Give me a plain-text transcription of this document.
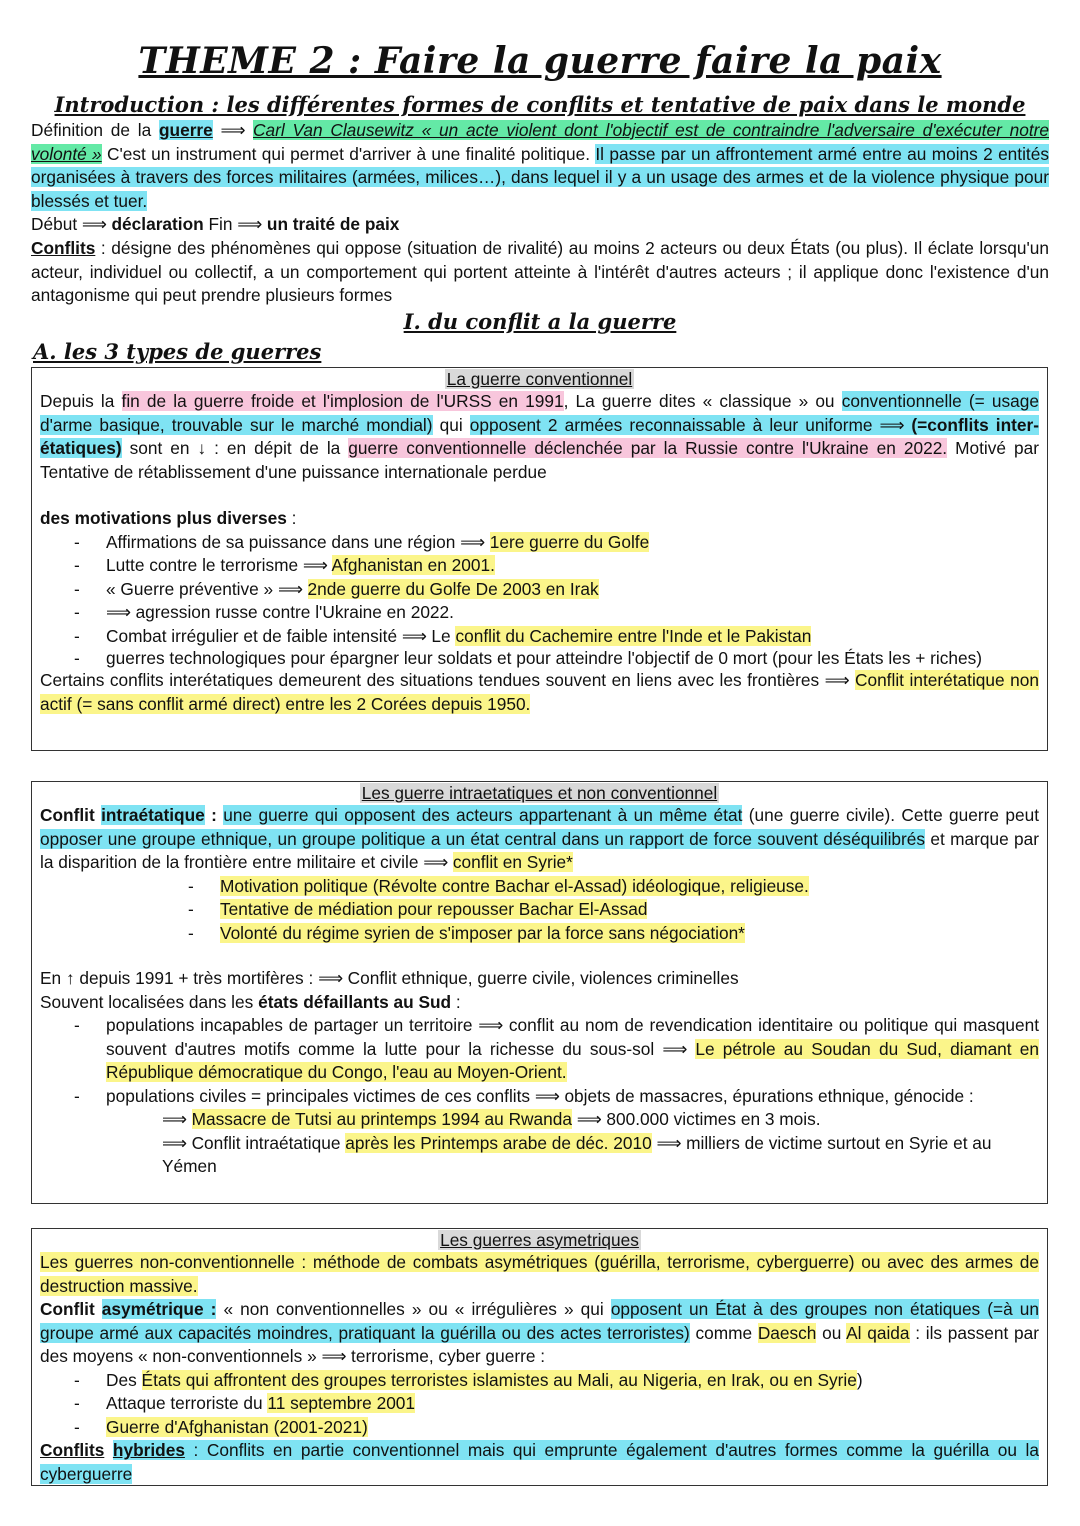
THEME 2 : Faire la guerre faire la paix
Introduction : les différentes formes de conflits et tentative de paix dans le monde
Définition de la guerre ⟹ Carl Van Clausewitz « un acte violent dont l'objectif est de contraindre l'adversaire d'exécuter notre volonté » C'est un instrument qui permet d'arriver à une finalité politique. Il passe par un affrontement armé entre au moins 2 entités organisées à travers des forces militaires (armées, milices…), dans lequel il y a un usage des armes et de la violence physique pour blessés et tuer.
Début ⟹ déclaration Fin ⟹ un traité de paix
Conflits : désigne des phénomènes qui oppose (situation de rivalité) au moins 2 acteurs ou deux États (ou plus). Il éclate lorsqu'un acteur, individuel ou collectif, a un comportement qui portent atteinte à l'intérêt d'autres acteurs ; il applique donc l'existence d'un antagonisme qui peut prendre plusieurs formes
I. du conflit a la guerre
A. les 3 types de guerres
La guerre conventionnel
Depuis la fin de la guerre froide et l'implosion de l'URSS en 1991, La guerre dites « classique » ou conventionnelle (= usage d'arme basique, trouvable sur le marché mondial) qui opposent 2 armées reconnaissable à leur uniforme ⟹ (=conflits inter-étatiques) sont en ↓ : en dépit de la guerre conventionnelle déclenchée par la Russie contre l'Ukraine en 2022. Motivé par Tentative de rétablissement d'une puissance internationale perdue
des motivations plus diverses :
- Affirmations de sa puissance dans une région ⟹ 1ere guerre du Golfe
- Lutte contre le terrorisme ⟹ Afghanistan en 2001.
- « Guerre préventive » ⟹ 2nde guerre du Golfe De 2003 en Irak
- ⟹ agression russe contre l'Ukraine en 2022.
- Combat irrégulier et de faible intensité ⟹ Le conflit du Cachemire entre l'Inde et le Pakistan
- guerres technologiques pour épargner leur soldats et pour atteindre l'objectif de 0 mort (pour les États les + riches)
Certains conflits interétatiques demeurent des situations tendues souvent en liens avec les frontières ⟹ Conflit interétatique non actif (= sans conflit armé direct) entre les 2 Corées depuis 1950.
Les guerre intraetatiques et non conventionnel
Conflit intraétatique : une guerre qui opposent des acteurs appartenant à un même état (une guerre civile). Cette guerre peut opposer une groupe ethnique, un groupe politique a un état central dans un rapport de force souvent déséquilibrés et marque par la disparition de la frontière entre militaire et civile ⟹ conflit en Syrie*
- Motivation politique (Révolte contre Bachar el-Assad) idéologique, religieuse.
- Tentative de médiation pour repousser Bachar El-Assad
- Volonté du régime syrien de s'imposer par la force sans négociation*
En ↑ depuis 1991 + très mortifères : ⟹ Conflit ethnique, guerre civile, violences criminelles
Souvent localisées dans les états défaillants au Sud :
- populations incapables de partager un territoire ⟹ conflit au nom de revendication identitaire ou politique qui masquent souvent d'autres motifs comme la lutte pour la richesse du sous-sol ⟹ Le pétrole au Soudan du Sud, diamant en République démocratique du Congo, l'eau au Moyen-Orient.
- populations civiles = principales victimes de ces conflits ⟹ objets de massacres, épurations ethnique, génocide :
⟹ Massacre de Tutsi au printemps 1994 au Rwanda ⟹ 800.000 victimes en 3 mois.
⟹ Conflit intraétatique après les Printemps arabe de déc. 2010 ⟹ milliers de victime surtout en Syrie et au Yémen
Les guerres asymetriques
Les guerres non-conventionnelle : méthode de combats asymétriques (guérilla, terrorisme, cyberguerre) ou avec des armes de destruction massive.
Conflit asymétrique : « non conventionnelles » ou « irrégulières » qui opposent un État à des groupes non étatiques (=à un groupe armé aux capacités moindres, pratiquant la guérilla ou des actes terroristes) comme Daesch ou Al qaida : ils passent par des moyens « non-conventionnels » ⟹ terrorisme, cyber guerre :
- Des États qui affrontent des groupes terroristes islamistes au Mali, au Nigeria, en Irak, ou en Syrie)
- Attaque terroriste du 11 septembre 2001
- Guerre d'Afghanistan (2001-2021)
Conflits hybrides : Conflits en partie conventionnel mais qui emprunte également d'autres formes comme la guérilla ou la cyberguerre
